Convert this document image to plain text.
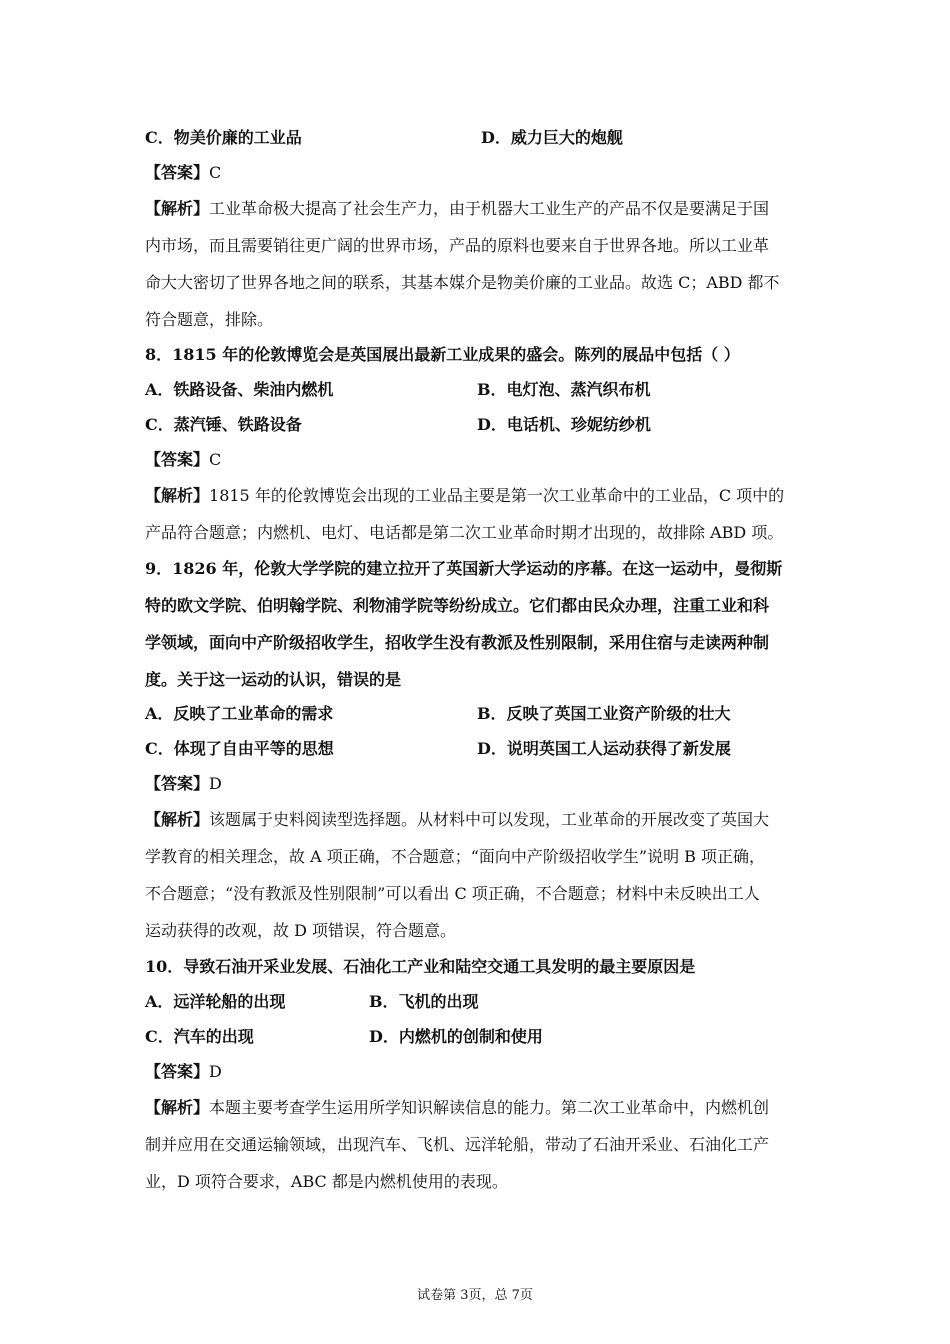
C．物美价廉的工业品	D．威力巨大的炮舰
【答案】C
【解析】工业革命极大提高了社会生产力，由于机器大工业生产的产品不仅是要满足于国
内市场，而且需要销往更广阔的世界市场，产品的原料也要来自于世界各地。所以工业革
命大大密切了世界各地之间的联系，其基本媒介是物美价廉的工业品。故选 C；ABD 都不
符合题意，排除。
8．1815 年的伦敦博览会是英国展出最新工业成果的盛会。陈列的展品中包括（ ）
A．铁路设备、柴油内燃机	B．电灯泡、蒸汽织布机
C．蒸汽锤、铁路设备	D．电话机、珍妮纺纱机
【答案】C
【解析】1815 年的伦敦博览会出现的工业品主要是第一次工业革命中的工业品，C 项中的
产品符合题意；内燃机、电灯、电话都是第二次工业革命时期才出现的，故排除 ABD 项。
9．1826 年，伦敦大学学院的建立拉开了英国新大学运动的序幕。在这一运动中，曼彻斯
特的欧文学院、伯明翰学院、利物浦学院等纷纷成立。它们都由民众办理，注重工业和科
学领域，面向中产阶级招收学生，招收学生没有教派及性别限制，采用住宿与走读两种制
度。关于这一运动的认识，错误的是
A．反映了工业革命的需求	B．反映了英国工业资产阶级的壮大
C．体现了自由平等的思想	D．说明英国工人运动获得了新发展
【答案】D
【解析】该题属于史料阅读型选择题。从材料中可以发现，工业革命的开展改变了英国大
学教育的相关理念，故 A 项正确，不合题意；“面向中产阶级招收学生”说明 B 项正确，
不合题意；“没有教派及性别限制”可以看出 C 项正确，不合题意；材料中未反映出工人
运动获得的改观，故 D 项错误，符合题意。
10．导致石油开采业发展、石油化工产业和陆空交通工具发明的最主要原因是
A．远洋轮船的出现	B．飞机的出现
C．汽车的出现	D．内燃机的创制和使用
【答案】D
【解析】本题主要考查学生运用所学知识解读信息的能力。第二次工业革命中，内燃机创
制并应用在交通运输领域，出现汽车、飞机、远洋轮船，带动了石油开采业、石油化工产
业，D 项符合要求，ABC 都是内燃机使用的表现。
试卷第 3页，总 7页
